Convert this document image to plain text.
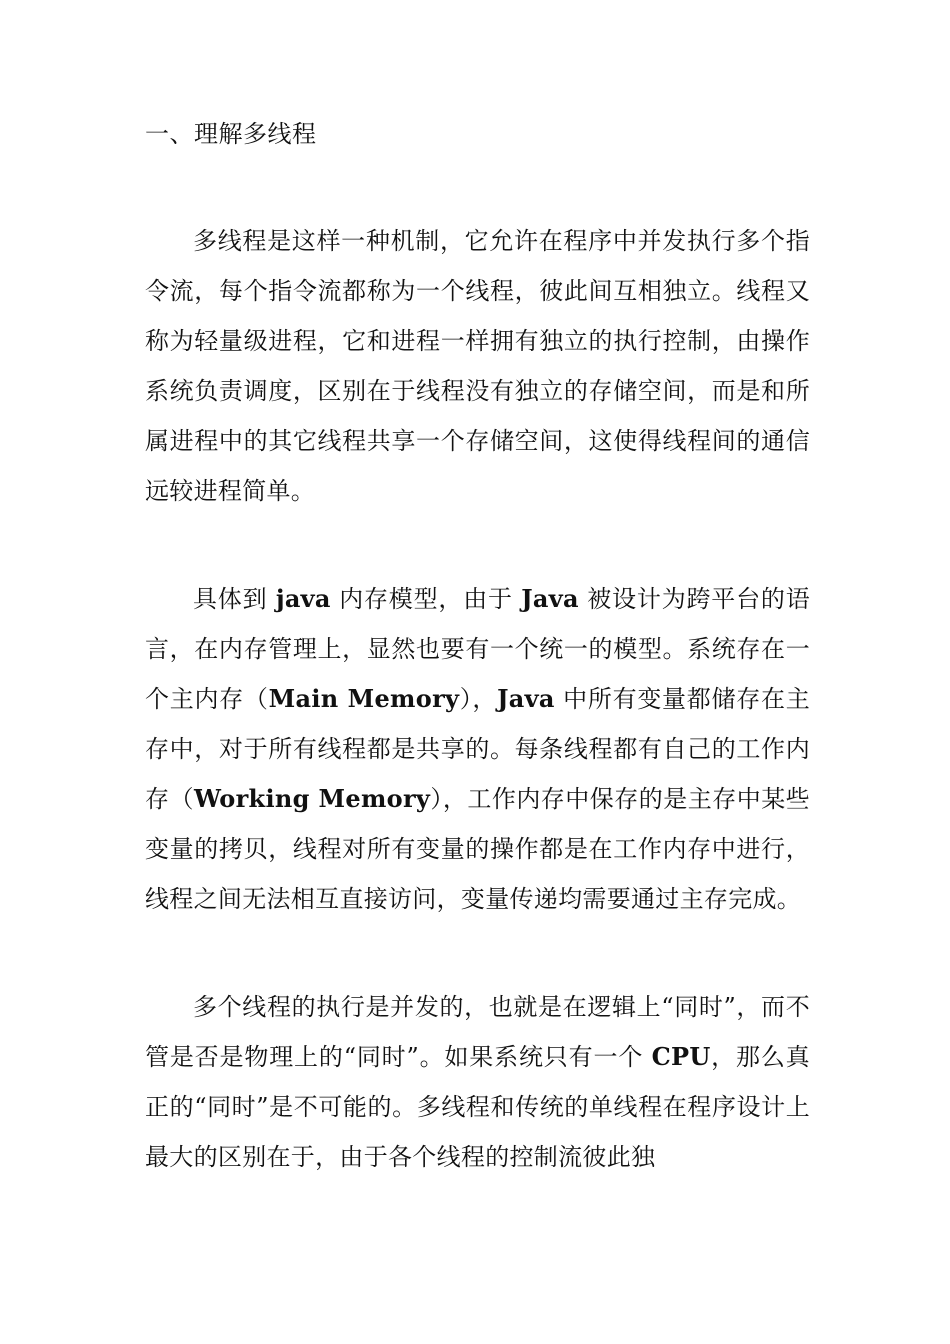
一、理解多线程

多线程是这样一种机制，它允许在程序中并发执行多个指令流，每个指令流都称为一个线程，彼此间互相独立。线程又称为轻量级进程，它和进程一样拥有独立的执行控制，由操作系统负责调度，区别在于线程没有独立的存储空间，而是和所属进程中的其它线程共享一个存储空间，这使得线程间的通信远较进程简单。

具体到 java 内存模型，由于 Java 被设计为跨平台的语言，在内存管理上，显然也要有一个统一的模型。系统存在一个主内存（Main Memory），Java 中所有变量都储存在主存中，对于所有线程都是共享的。每条线程都有自己的工作内存（Working Memory），工作内存中保存的是主存中某些变量的拷贝，线程对所有变量的操作都是在工作内存中进行，线程之间无法相互直接访问，变量传递均需要通过主存完成。

多个线程的执行是并发的，也就是在逻辑上“同时”，而不管是否是物理上的“同时”。如果系统只有一个 CPU，那么真正的“同时”是不可能的。多线程和传统的单线程在程序设计上最大的区别在于，由于各个线程的控制流彼此独
